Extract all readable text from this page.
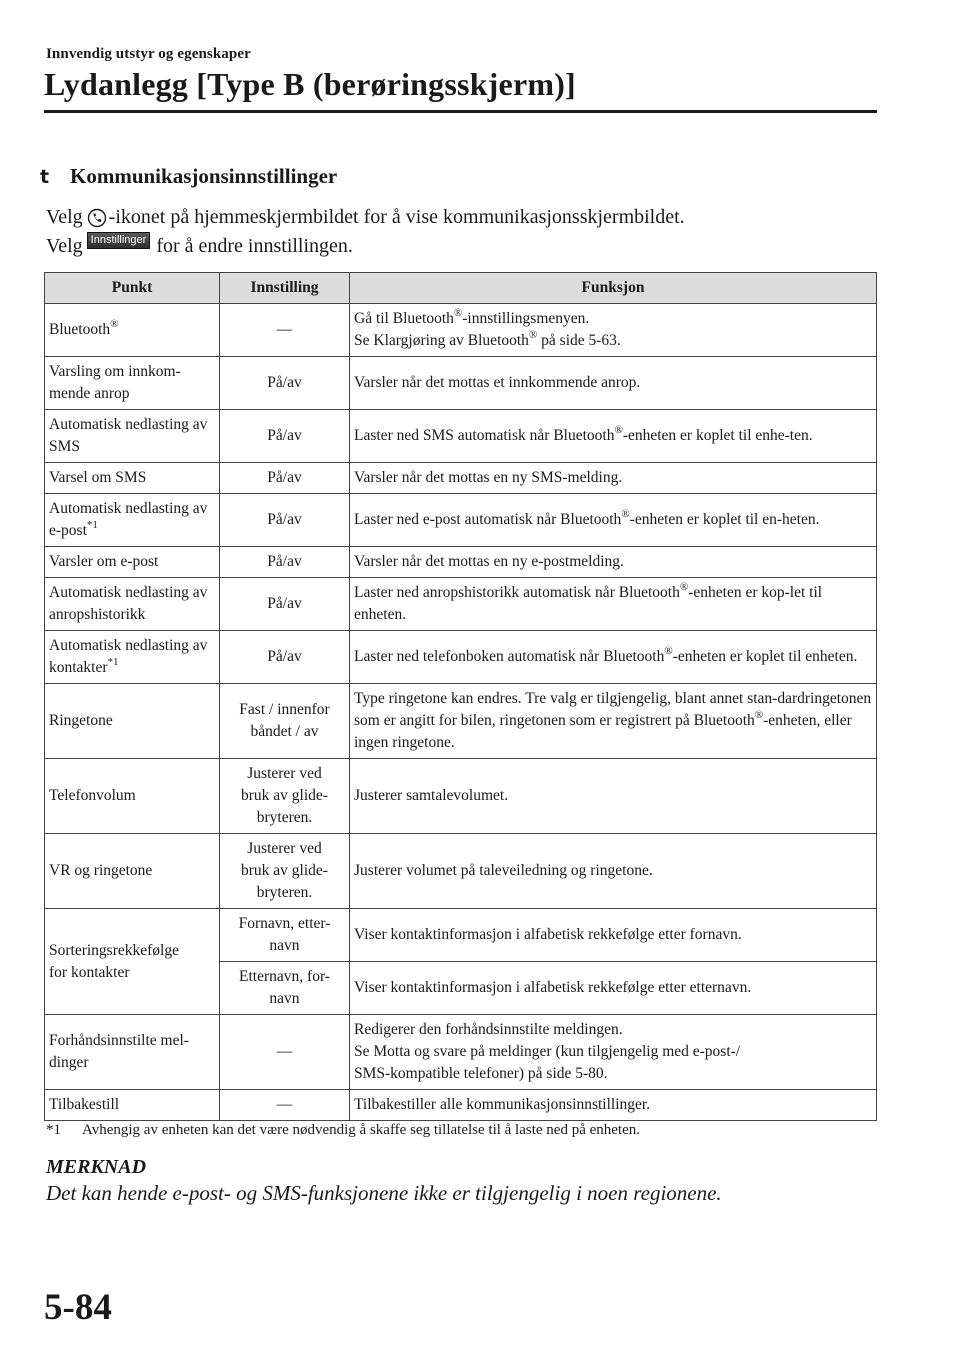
Innvendig utstyr og egenskaper
Lydanlegg [Type B (berøringsskjerm)]
t Kommunikasjonsinnstillinger
Velg -ikonet på hjemmeskjermbildet for å vise kommunikasjonsskjermbildet.
Velg Innstillinger for å endre innstillingen.
Punkt	Innstilling	Funksjon
Bluetooth®	—	Gå til Bluetooth®-innstillingsmenyen.
Se Klargjøring av Bluetooth® på side 5-63.
Varsling om innkom-
mende anrop	På/av	Varsler når det mottas et innkommende anrop.
Automatisk nedlasting av SMS	På/av	Laster ned SMS automatisk når Bluetooth®-enheten er koplet til enhe-ten.
Varsel om SMS	På/av	Varsler når det mottas en ny SMS-melding.
Automatisk nedlasting av e-post$^{*1}$	På/av	Laster ned e-post automatisk når Bluetooth®-enheten er koplet til en-heten.
Varsler om e-post	På/av	Varsler når det mottas en ny e-postmelding.
Automatisk nedlasting av anropshistorikk	På/av	Laster ned anropshistorikk automatisk når Bluetooth®-enheten er kop-let til enheten.
Automatisk nedlasting av kontakter$^{*1}$	På/av	Laster ned telefonboken automatisk når Bluetooth®-enheten er koplet til enheten.
Ringetone	Fast / innenfor
båndet / av	Type ringetone kan endres. Tre valg er tilgjengelig, blant annet stan-dardringetonen som er angitt for bilen, ringetonen som er registrert på Bluetooth®-enheten, eller ingen ringetone.
Telefonvolum	Justerer ved
bruk av glide-
bryteren.	Justerer samtalevolumet.
VR og ringetone	Justerer ved
bruk av glide-
bryteren.	Justerer volumet på taleveiledning og ringetone.
Sorteringsrekkefølge
for kontakter	Fornavn, etter-
navn	Viser kontaktinformasjon i alfabetisk rekkefølge etter fornavn.
	Etternavn, for-
navn	Viser kontaktinformasjon i alfabetisk rekkefølge etter etternavn.
Forhåndsinnstilte mel-
dinger	—	Redigerer den forhåndsinnstilte meldingen.
Se Motta og svare på meldinger (kun tilgjengelig med e-post-/
SMS-kompatible telefoner) på side 5-80.
Tilbakestill	—	Tilbakestiller alle kommunikasjonsinnstillinger.
*1 Avhengig av enheten kan det være nødvendig å skaffe seg tillatelse til å laste ned på enheten.
MERKNAD
Det kan hende e-post- og SMS-funksjonene ikke er tilgjengelig i noen regionene.
5-84
